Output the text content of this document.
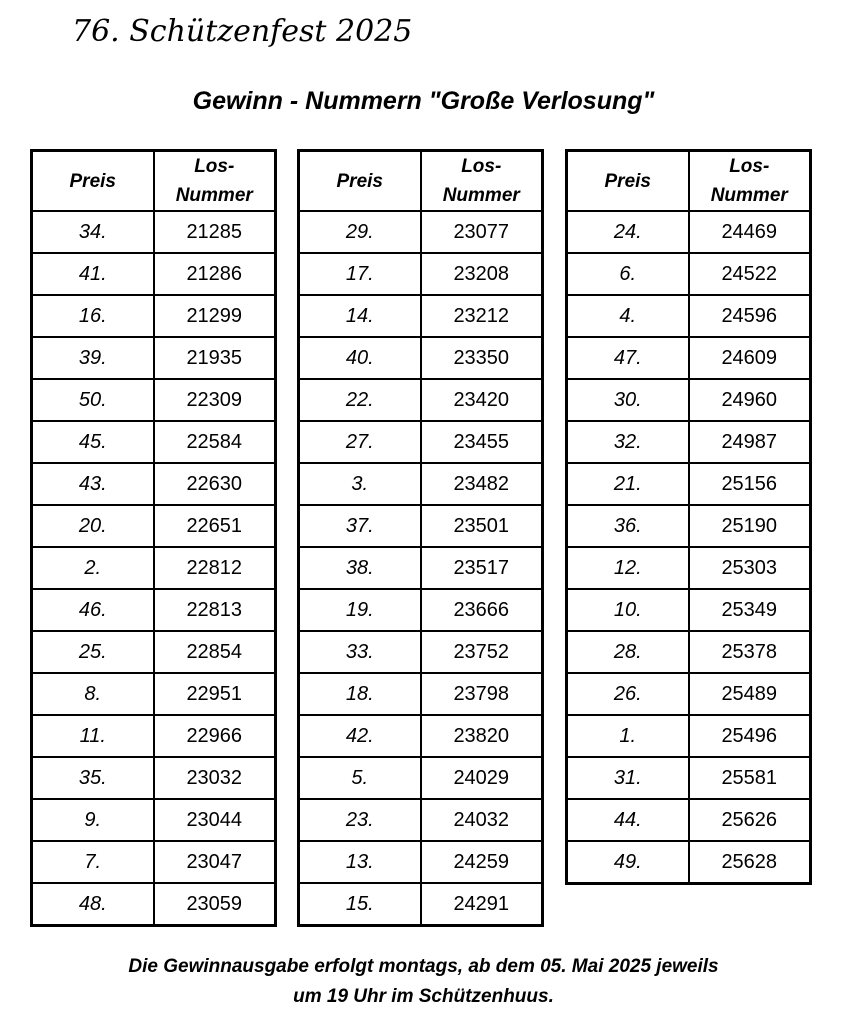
76. Schützenfest 2025
Gewinn - Nummern "Große Verlosung"
Preis	Los-
Nummer
34.	21285
41.	21286
16.	21299
39.	21935
50.	22309
45.	22584
43.	22630
20.	22651
2.	22812
46.	22813
25.	22854
8.	22951
11.	22966
35.	23032
9.	23044
7.	23047
48.	23059
Preis	Los-
Nummer
29.	23077
17.	23208
14.	23212
40.	23350
22.	23420
27.	23455
3.	23482
37.	23501
38.	23517
19.	23666
33.	23752
18.	23798
42.	23820
5.	24029
23.	24032
13.	24259
15.	24291
Preis	Los-
Nummer
24.	24469
6.	24522
4.	24596
47.	24609
30.	24960
32.	24987
21.	25156
36.	25190
12.	25303
10.	25349
28.	25378
26.	25489
1.	25496
31.	25581
44.	25626
49.	25628
Die Gewinnausgabe erfolgt montags, ab dem 05. Mai 2025 jeweils
um 19 Uhr im Schützenhuus.
